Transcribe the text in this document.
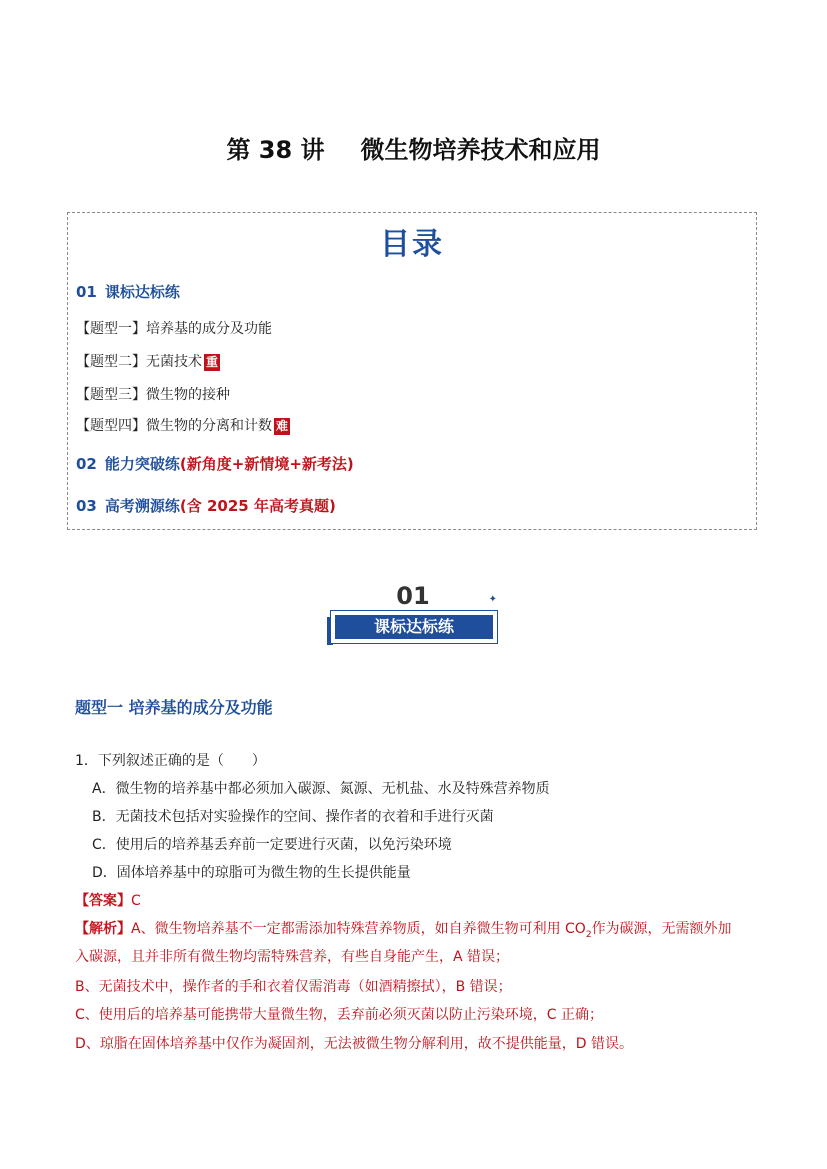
第 38 讲 微生物培养技术和应用
目录
01 课标达标练
【题型一】培养基的成分及功能
【题型二】无菌技术 重
【题型三】微生物的接种
【题型四】微生物的分离和计数 难
02 能力突破练(新角度+新情境+新考法)
03 高考溯源练(含 2025 年高考真题)
01
课标达标练
✦
题型一 培养基的成分及功能
1．下列叙述正确的是（　　）
A．微生物的培养基中都必须加入碳源、氮源、无机盐、水及特殊营养物质
B．无菌技术包括对实验操作的空间、操作者的衣着和手进行灭菌
C．使用后的培养基丢弃前一定要进行灭菌，以免污染环境
D．固体培养基中的琼脂可为微生物的生长提供能量
【答案】C
【解析】A、微生物培养基不一定都需添加特殊营养物质，如自养微生物可利用 $CO_2$作为碳源，无需额外加
入碳源，且并非所有微生物均需特殊营养，有些自身能产生，A 错误；
B、无菌技术中，操作者的手和衣着仅需消毒（如酒精擦拭），B 错误；
C、使用后的培养基可能携带大量微生物，丢弃前必须灭菌以防止污染环境，C 正确；
D、琼脂在固体培养基中仅作为凝固剂，无法被微生物分解利用，故不提供能量，D 错误。
